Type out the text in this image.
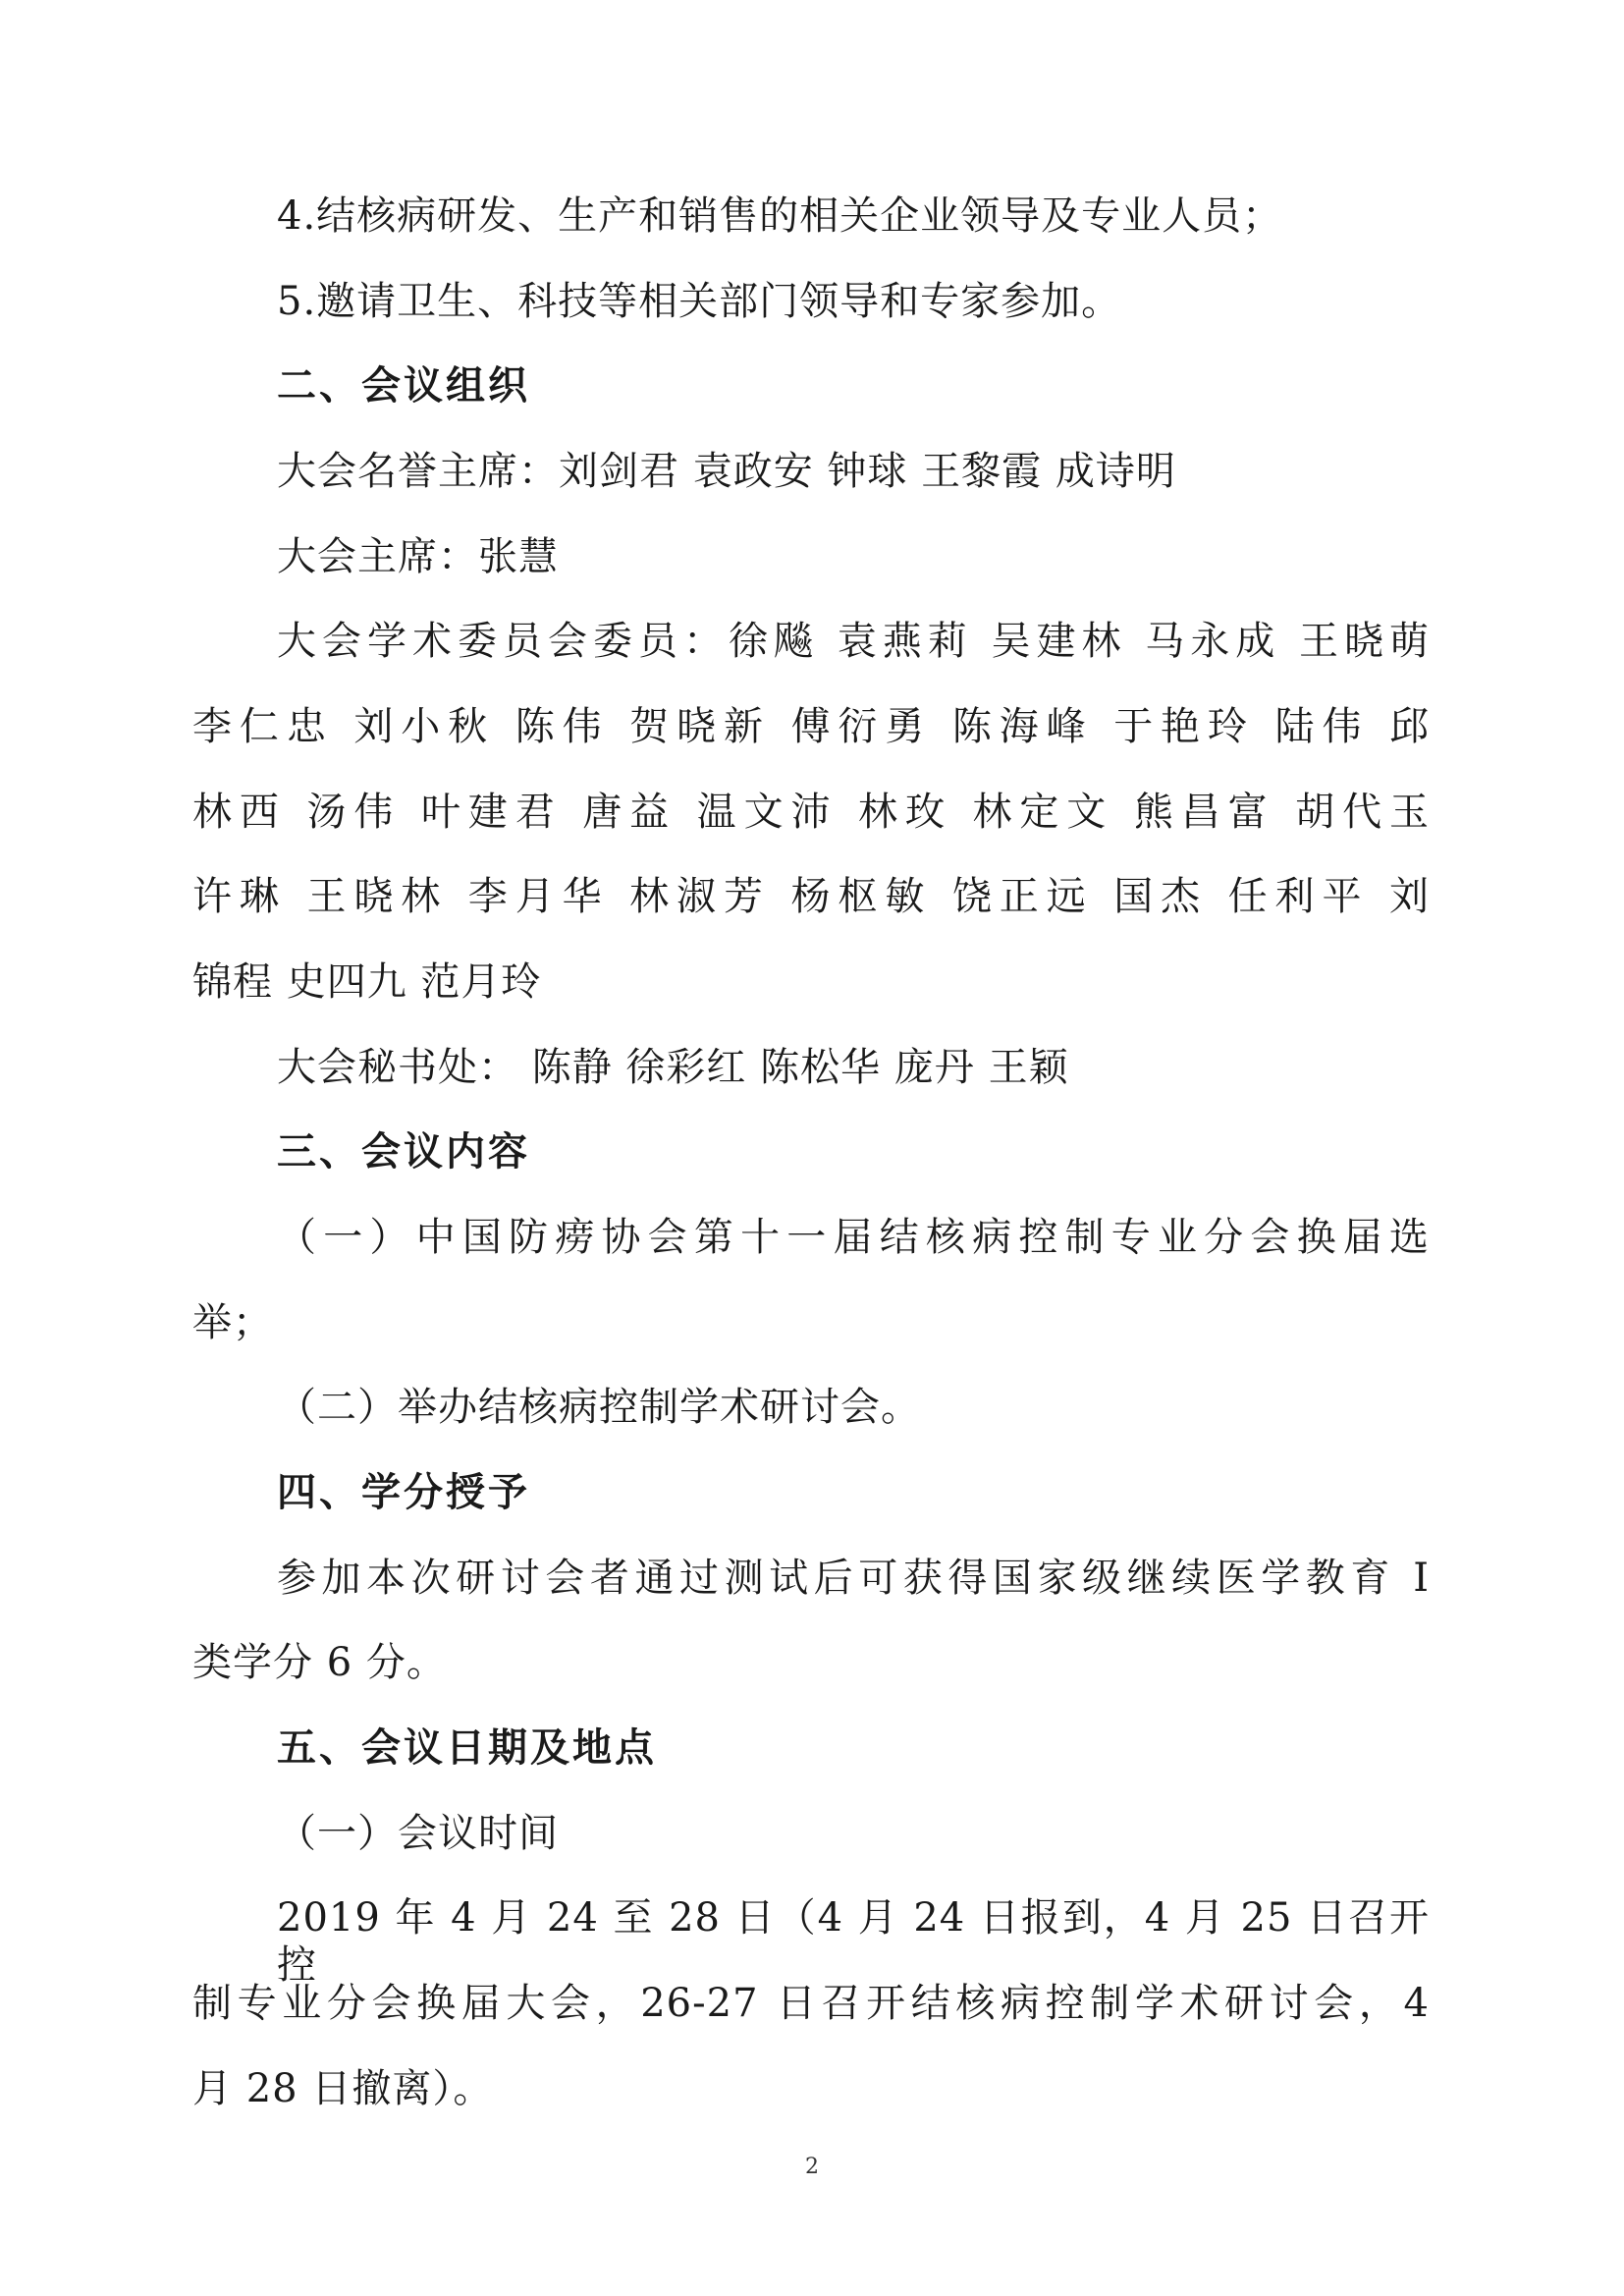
4.结核病研发、生产和销售的相关企业领导及专业人员；
5.邀请卫生、科技等相关部门领导和专家参加。
二、会议组织
大会名誉主席：刘剑君 袁政安 钟球 王黎霞 成诗明
大会主席：张慧
大会学术委员会委员：徐飚 袁燕莉 吴建林 马永成 王晓萌
李仁忠 刘小秋 陈伟 贺晓新 傅衍勇 陈海峰 于艳玲 陆伟 邱
林西 汤伟 叶建君 唐益 温文沛 林玫 林定文 熊昌富 胡代玉
许琳 王晓林 李月华 林淑芳 杨枢敏 饶正远 国杰 任利平 刘
锦程 史四九 范月玲
大会秘书处： 陈静 徐彩红 陈松华 庞丹 王颖
三、会议内容
（一）中国防痨协会第十一届结核病控制专业分会换届选
举；
（二）举办结核病控制学术研讨会。
四、学分授予
参加本次研讨会者通过测试后可获得国家级继续医学教育 I
类学分 6 分。
五、会议日期及地点
（一）会议时间
2019 年 4 月 24 至 28 日（4 月 24 日报到，4 月 25 日召开控
制专业分会换届大会，26-27 日召开结核病控制学术研讨会，4
月 28 日撤离）。
2
